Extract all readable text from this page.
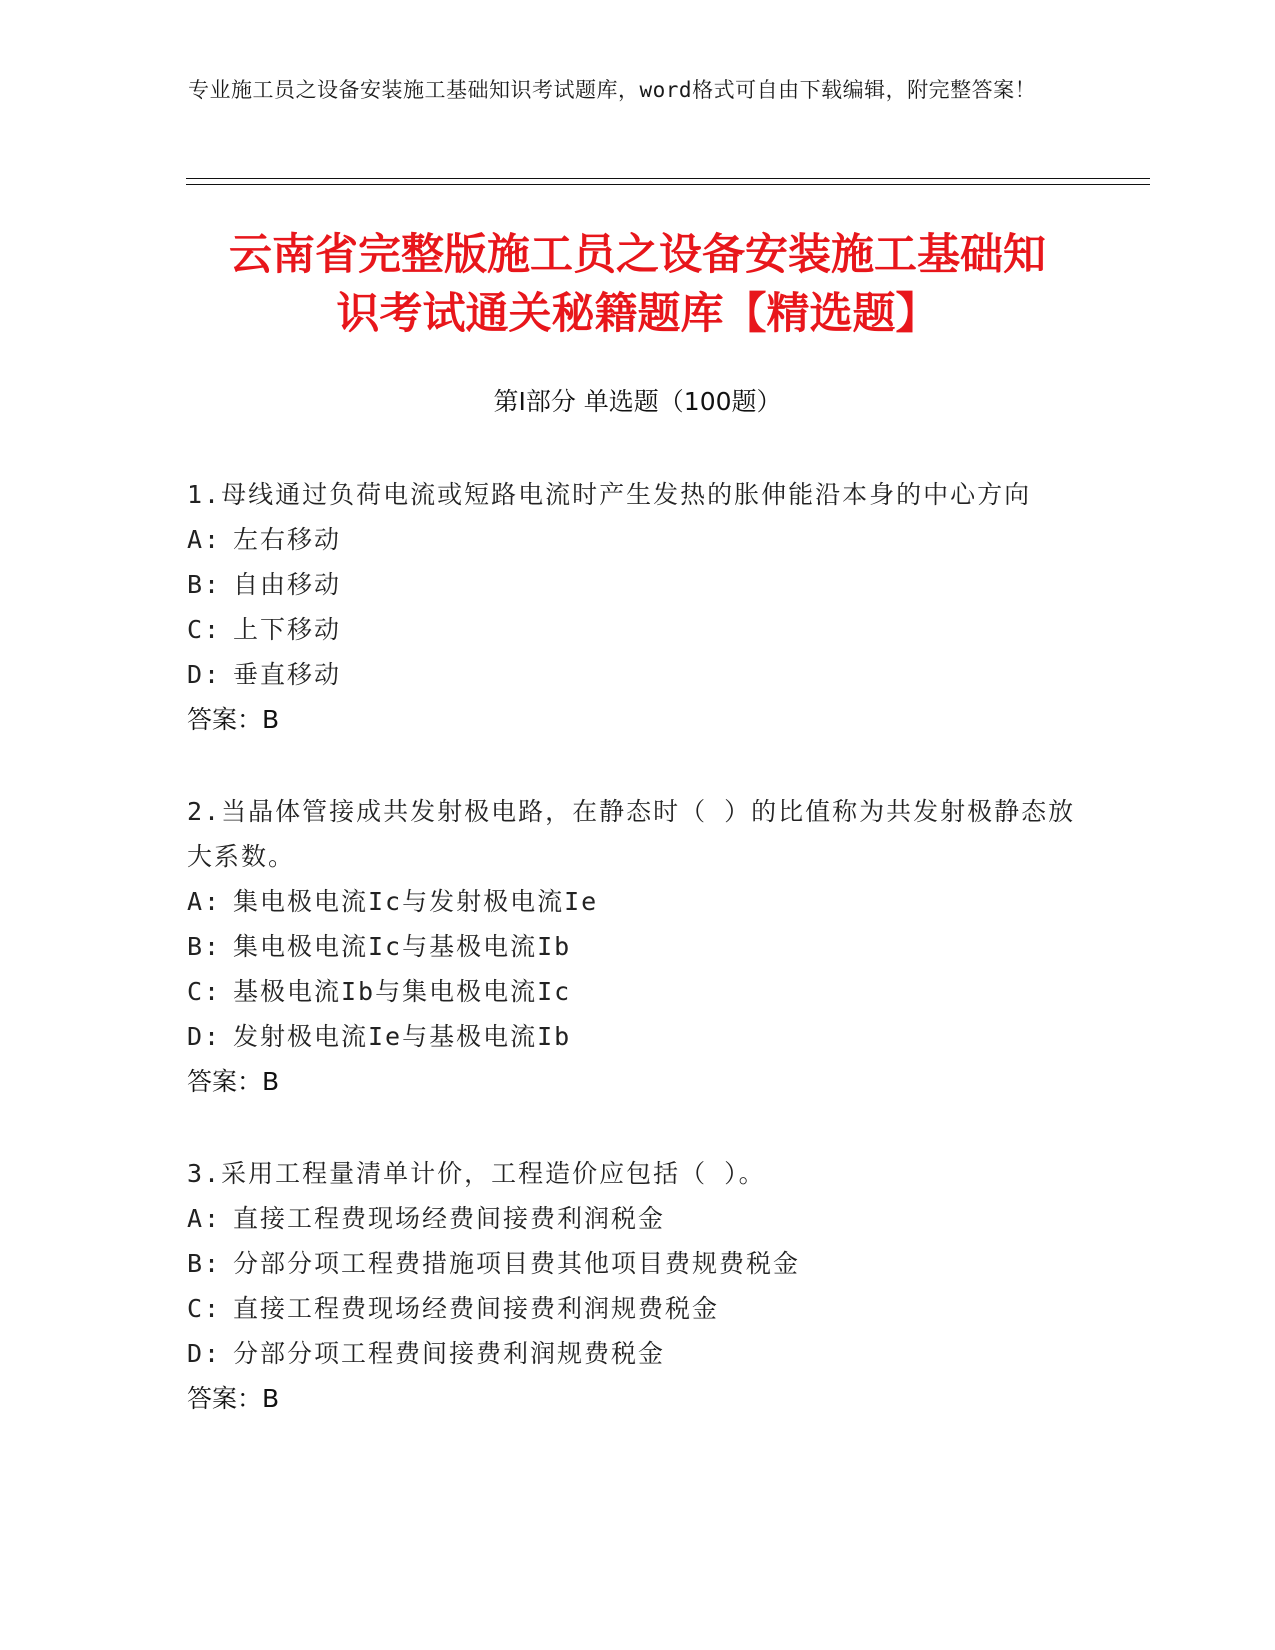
专业施工员之设备安装施工基础知识考试题库，word格式可自由下载编辑，附完整答案！
云南省完整版施工员之设备安装施工基础知
识考试通关秘籍题库【精选题】
第Ⅰ部分 单选题（100题）
1.母线通过负荷电流或短路电流时产生发热的胀伸能沿本身的中心方向
A: 左右移动
B: 自由移动
C: 上下移动
D: 垂直移动
答案：B
2.当晶体管接成共发射极电路，在静态时（ ）的比值称为共发射极静态放大系数。
A: 集电极电流Ic与发射极电流Ie
B: 集电极电流Ic与基极电流Ib
C: 基极电流Ib与集电极电流Ic
D: 发射极电流Ie与基极电流Ib
答案：B
3.采用工程量清单计价，工程造价应包括（ ）。
A: 直接工程费现场经费间接费利润税金
B: 分部分项工程费措施项目费其他项目费规费税金
C: 直接工程费现场经费间接费利润规费税金
D: 分部分项工程费间接费利润规费税金
答案：B
